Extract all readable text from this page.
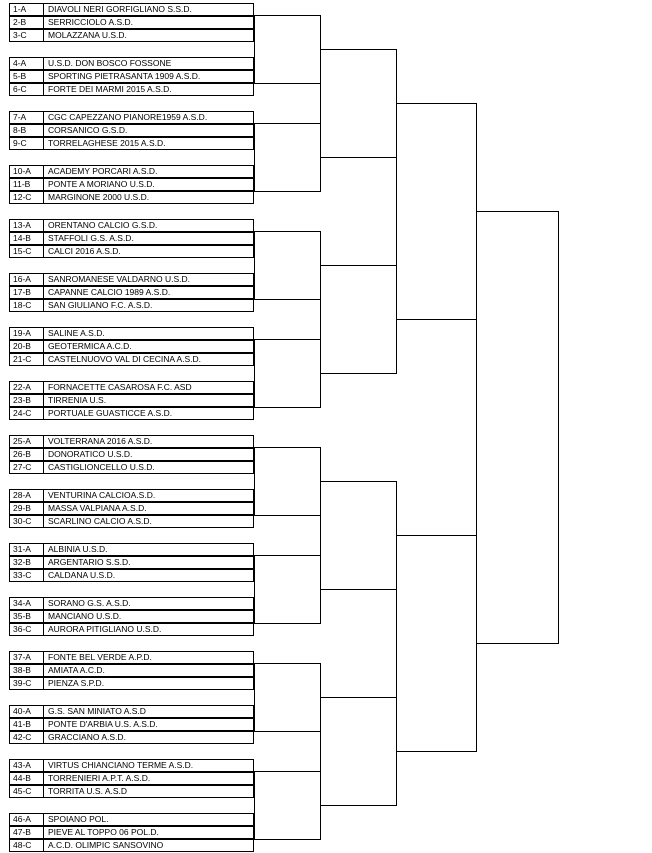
1-A	DIAVOLI NERI GORFIGLIANO S.S.D.
2-B	SERRICCIOLO A.S.D.
3-C	MOLAZZANA U.S.D.
4-A	U.S.D. DON BOSCO FOSSONE
5-B	SPORTING PIETRASANTA 1909 A.S.D.
6-C	FORTE DEI MARMI 2015 A.S.D.
7-A	CGC CAPEZZANO PIANORE1959 A.S.D.
8-B	CORSANICO G.S.D.
9-C	TORRELAGHESE 2015 A.S.D.
10-A	ACADEMY PORCARI A.S.D.
11-B	PONTE A MORIANO U.S.D.
12-C	MARGINONE 2000 U.S.D.
13-A	ORENTANO CALCIO G.S.D.
14-B	STAFFOLI G.S. A.S.D.
15-C	CALCI 2016 A.S.D.
16-A	SANROMANESE VALDARNO U.S.D.
17-B	CAPANNE CALCIO 1989 A.S.D.
18-C	SAN GIULIANO F.C. A.S.D.
19-A	SALINE A.S.D.
20-B	GEOTERMICA A.C.D.
21-C	CASTELNUOVO VAL DI CECINA A.S.D.
22-A	FORNACETTE CASAROSA F.C. ASD
23-B	TIRRENIA U.S.
24-C	PORTUALE GUASTICCE A.S.D.
25-A	VOLTERRANA 2016 A.S.D.
26-B	DONORATICO U.S.D.
27-C	CASTIGLIONCELLO U.S.D.
28-A	VENTURINA CALCIOA.S.D.
29-B	MASSA VALPIANA A.S.D.
30-C	SCARLINO CALCIO A.S.D.
31-A	ALBINIA U.S.D.
32-B	ARGENTARIO S.S.D.
33-C	CALDANA U.S.D.
34-A	SORANO G.S. A.S.D.
35-B	MANCIANO U.S.D.
36-C	AURORA PITIGLIANO U.S.D.
37-A	FONTE BEL VERDE A.P.D.
38-B	AMIATA A.C.D.
39-C	PIENZA S.P.D.
40-A	G.S. SAN MINIATO A.S.D
41-B	PONTE D'ARBIA U.S. A.S.D.
42-C	GRACCIANO A.S.D.
43-A	VIRTUS CHIANCIANO TERME A.S.D.
44-B	TORRENIERI A.P.T. A.S.D.
45-C	TORRITA U.S. A.S.D
46-A	SPOIANO POL.
47-B	PIEVE AL TOPPO 06 POL.D.
48-C	A.C.D. OLIMPIC SANSOVINO
